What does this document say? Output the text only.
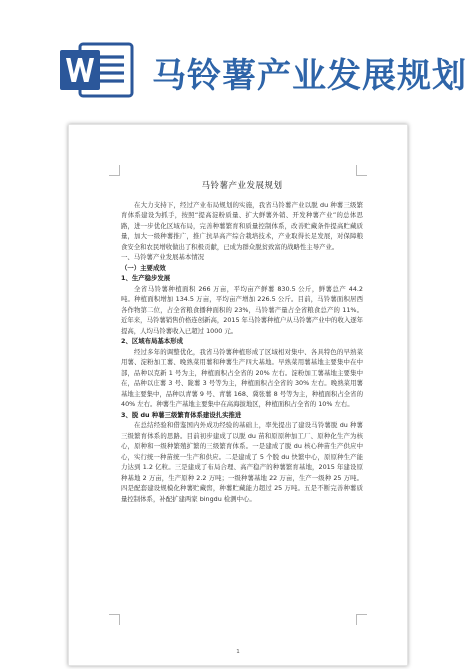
马铃薯产业发展规划
马铃薯产业发展规划

在大力支持下，经过产业布局规划的实施，我省马铃薯产业以脱 du 种薯三级繁育体系建设为抓手，按照“提高淀粉质量、扩大鲜薯外销、开发种薯产业”的总体思路，进一步优化区域布局，完善种薯繁育和质量控制体系，改善贮藏条件提高贮藏质量，加大一级种薯推广，推广抗旱高产综合栽培技术，产业取得长足发展，对保障粮食安全和农民增收做出了积极贡献，已成为群众脱贫致富的战略性主导产业。

一、马铃薯产业发展基本情况

（一）主要成效

1、生产稳步发展

全省马铃薯种植面积 266 万亩，平均亩产鲜薯 830.5 公斤，鲜薯总产 44.2 吨。种植面积增加 134.5 万亩，平均亩产增加 226.5 公斤。目前，马铃薯面积居西各作物第二位，占全省粮食播种面积的 23%，马铃薯产量占全省粮食总产的 11%。近年来，马铃薯销售价格连创新高，2015 年马铃薯种植户从马铃薯产业中的收入逐年提高，人均马铃薯收入已超过 1000 元。

2、区域布局基本形成

经过多年的调整优化，我省马铃薯种植形成了区域相对集中、各具特色的早熟菜用薯、淀粉加工薯、晚熟菜用薯和种薯生产四大基地。早熟菜用薯基地主要集中在中部，品种以克新 1 号为主，种植面积占全省的 20% 左右。淀粉加工薯基地主要集中在，品种以庄薯 3 号、陇薯 3 号等为主，种植面积占全省的 30% 左右。晚熟菜用薯基地主要集中，品种以青薯 9 号、青薯 168、冀张薯 8 号等为主，种植面积占全省的 40% 左右。种薯生产基地主要集中在高海拔地区，种植面积占全省的 10% 左右。

3、脱 du 种薯三级繁育体系建设扎实推进

在总结经验和借鉴国内外成功经验的基础上，率先提出了建设马铃薯脱 du 种薯三级繁育体系的思路。目前初步建成了以脱 du 苗和原原种加工厂、原种化生产为核心，原种和一级种繁殖扩繁的三级繁育体系。一是建成了脱 du 核心种苗生产供应中心，实行统一种苗统一生产和供应。二是建成了 5 个脱 du 快繁中心，原原种生产能力达到 1.2 亿粒。三是建成了布局合理、高产稳产的种薯繁育基地，2015 年建设原种基地 2 万亩，生产原种 2.2 万吨；一级种薯基地 22 万亩，生产一级种 25 万吨。四是配套建设规模化种薯贮藏窖，种薯贮藏能力超过 25 万吨。五是不断完善种薯质量控制体系，补配扩建两家 bingdu 检测中心。

1
